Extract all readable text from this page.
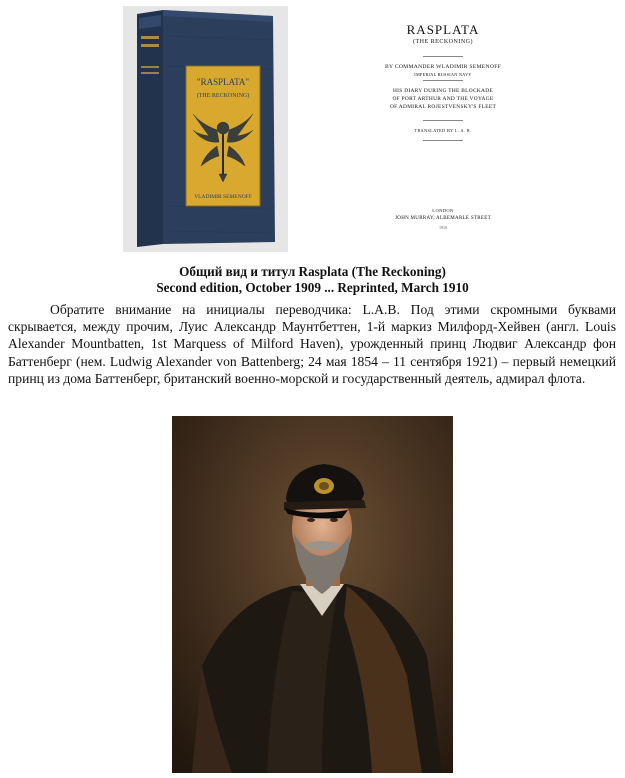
"RASPLATA"
(THE RECKONING)
VLADIMIR SEMENOFF
RASPLATA
(THE RECKONING)
BY COMMANDER WLADIMIR SEMENOFF
IMPERIAL RUSSIAN NAVY
HIS DIARY DURING THE BLOCKADE
OF PORT ARTHUR AND THE VOYAGE
OF ADMIRAL ROJESTVENSKY'S FLEET
TRANSLATED BY L. A. B.
LONDON
JOHN MURRAY, ALBEMARLE STREET
1910
Общий вид и титул Rasplata (The Reckoning)
Second edition, October 1909 ... Reprinted, March 1910

Обратите внимание на инициалы переводчика: L.A.B. Под этими скромными буквами скрывается, между прочим, Луис Александр Маунтбеттен, 1-й маркиз Милфорд-Хейвен (англ. Louis Alexander Mountbatten, 1st Marquess of Milford Haven), урожденный принц Людвиг Александр фон Баттенберг (нем. Ludwig Alexander von Battenberg; 24 мая 1854 – 11 сентября 1921) – первый немецкий принц из дома Баттенберг, британский военно-морской и государственный деятель, адмирал флота.
